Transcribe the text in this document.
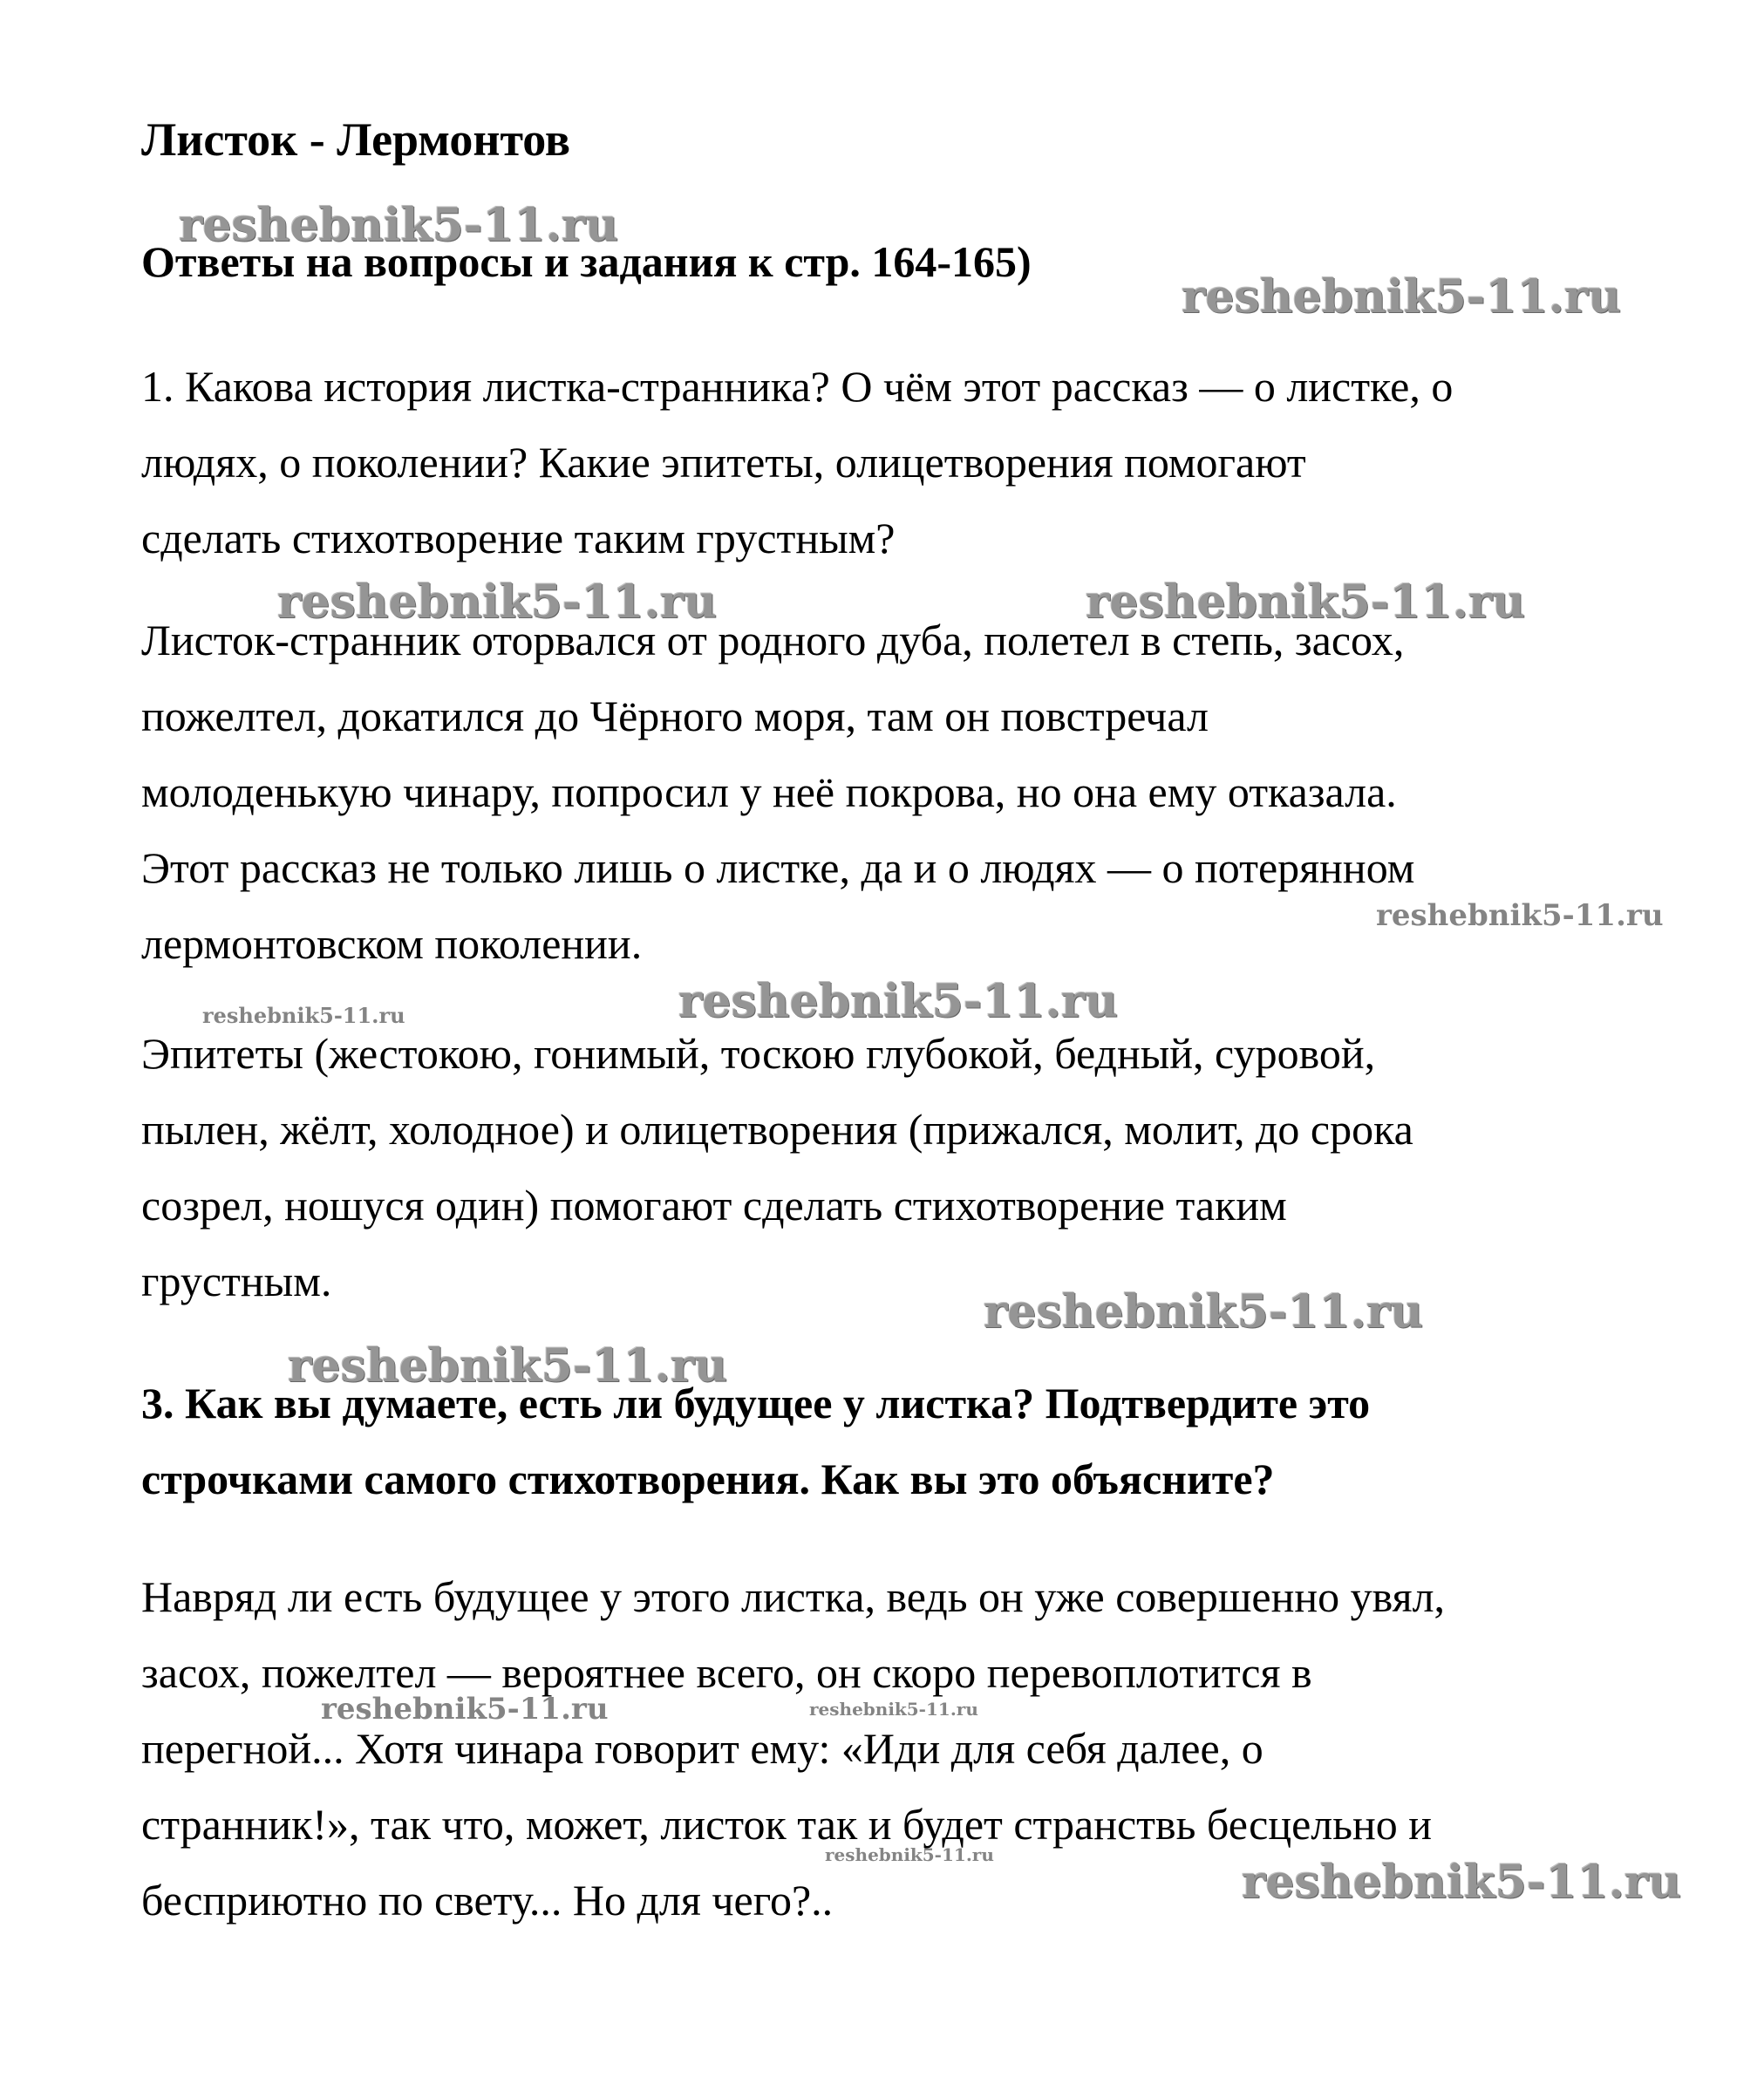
Листок - Лермонтов
Ответы на вопросы и задания к стр. 164-165)
1. Какова история листка-странника? О чём этот рассказ — о листке, о
людях, о поколении? Какие эпитеты, олицетворения помогают
сделать стихотворение таким грустным?
Листок-странник оторвался от родного дуба, полетел в степь, засох,
пожелтел, докатился до Чёрного моря, там он повстречал
молоденькую чинару, попросил у неё покрова, но она ему отказала.
Этот рассказ не только лишь о листке, да и о людях — о потерянном
лермонтовском поколении.
Эпитеты (жестокою, гонимый, тоскою глубокой, бедный, суровой,
пылен, жёлт, холодное) и олицетворения (прижался, молит, до срока
созрел, ношуся один) помогают сделать стихотворение таким
грустным.
3. Как вы думаете, есть ли будущее у листка? Подтвердите это
строчками самого стихотворения. Как вы это объясните?
Навряд ли есть будущее у этого листка, ведь он уже совершенно увял,
засох, пожелтел — вероятнее всего, он скоро перевоплотится в
перегной... Хотя чинара говорит ему: «Иди для себя далее, о
странник!», так что, может, листок так и будет странствь бесцельно и
бесприютно по свету... Но для чего?..
reshebnik5-11.ru
reshebnik5-11.ru
reshebnik5-11.ru	reshebnik5-11.ru
reshebnik5-11.ru
reshebnik5-11.ru	reshebnik5-11.ru
reshebnik5-11.ru
reshebnik5-11.ru
reshebnik5-11.ru	reshebnik5-11.ru
reshebnik5-11.ru
reshebnik5-11.ru
